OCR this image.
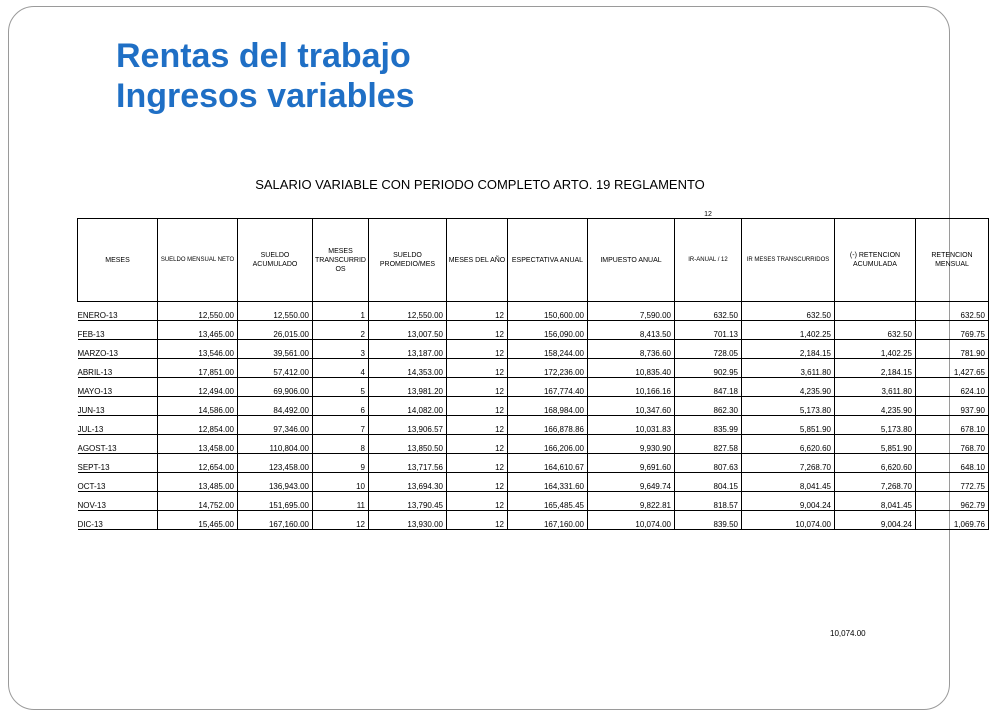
Rentas del trabajo
Ingresos variables
SALARIO VARIABLE CON PERIODO COMPLETO ARTO. 19 REGLAMENTO
								12			
MESES	SUELDO MENSUAL NETO	SUELDO ACUMULADO	MESES TRANSCURRID OS	SUELDO PROMEDIO/MES	MESES DEL AÑO	ESPECTATIVA ANUAL	IMPUESTO ANUAL	IR-ANUAL / 12	IR MESES TRANSCURRIDOS	(-) RETENCION ACUMULADA	RETENCION MENSUAL
ENERO-13	12,550.00	12,550.00	1	12,550.00	12	150,600.00	7,590.00	632.50	632.50		632.50
FEB-13	13,465.00	26,015.00	2	13,007.50	12	156,090.00	8,413.50	701.13	1,402.25	632.50	769.75
MARZO-13	13,546.00	39,561.00	3	13,187.00	12	158,244.00	8,736.60	728.05	2,184.15	1,402.25	781.90
ABRIL-13	17,851.00	57,412.00	4	14,353.00	12	172,236.00	10,835.40	902.95	3,611.80	2,184.15	1,427.65
MAYO-13	12,494.00	69,906.00	5	13,981.20	12	167,774.40	10,166.16	847.18	4,235.90	3,611.80	624.10
JUN-13	14,586.00	84,492.00	6	14,082.00	12	168,984.00	10,347.60	862.30	5,173.80	4,235.90	937.90
JUL-13	12,854.00	97,346.00	7	13,906.57	12	166,878.86	10,031.83	835.99	5,851.90	5,173.80	678.10
AGOST-13	13,458.00	110,804.00	8	13,850.50	12	166,206.00	9,930.90	827.58	6,620.60	5,851.90	768.70
SEPT-13	12,654.00	123,458.00	9	13,717.56	12	164,610.67	9,691.60	807.63	7,268.70	6,620.60	648.10
OCT-13	13,485.00	136,943.00	10	13,694.30	12	164,331.60	9,649.74	804.15	8,041.45	7,268.70	772.75
NOV-13	14,752.00	151,695.00	11	13,790.45	12	165,485.45	9,822.81	818.57	9,004.24	8,041.45	962.79
DIC-13	15,465.00	167,160.00	12	13,930.00	12	167,160.00	10,074.00	839.50	10,074.00	9,004.24	1,069.76
10,074.00
